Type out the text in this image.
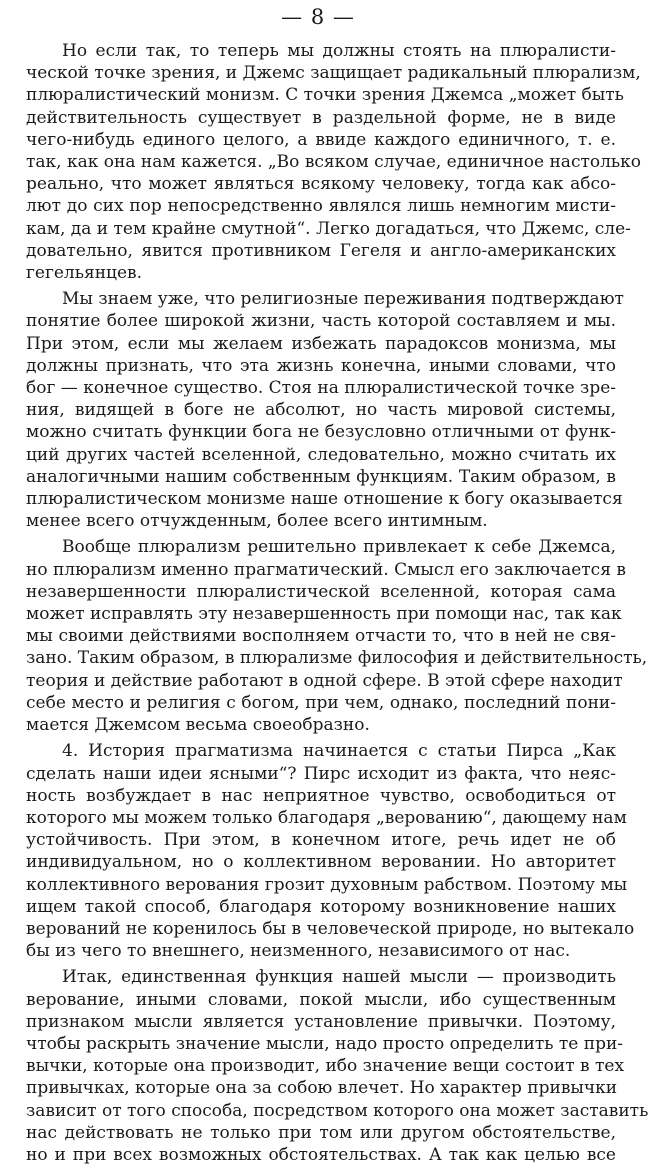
— 8 —
Но если так, то теперь мы должны стоять на плюралисти-
ческой точке зрения, и Джемс защищает радикальный плюрализм,
плюралистический монизм. С точки зрения Джемса „может быть
действительность существует в раздельной форме, не в виде
чего-нибудь единого целого, а ввиде каждого единичного, т. е.
так, как она нам кажется. „Во всяком случае, единичное настолько
реально, что может являться всякому человеку, тогда как абсо-
лют до сих пор непосредственно являлся лишь немногим мисти-
кам, да и тем крайне смутной“. Легко догадаться, что Джемс, сле-
довательно, явится противником Гегеля и англо-американских
гегельянцев.
Мы знаем уже, что религиозные переживания подтверждают
понятие более широкой жизни, часть которой составляем и мы.
При этом, если мы желаем избежать парадоксов монизма, мы
должны признать, что эта жизнь конечна, иными словами, что
бог — конечное существо. Стоя на плюралистической точке зре-
ния, видящей в боге не абсолют, но часть мировой системы,
можно считать функции бога не безусловно отличными от функ-
ций других частей вселенной, следовательно, можно считать их
аналогичными нашим собственным функциям. Таким образом, в
плюралистическом монизме наше отношение к богу оказывается
менее всего отчужденным, более всего интимным.
Вообще плюрализм решительно привлекает к себе Джемса,
но плюрализм именно прагматический. Смысл его заключается в
незавершенности плюралистической вселенной, которая сама
может исправлять эту незавершенность при помощи нас, так как
мы своими действиями восполняем отчасти то, что в ней не свя-
зано. Таким образом, в плюрализме философия и действительность,
теория и действие работают в одной сфере. В этой сфере находит
себе место и религия с богом, при чем, однако, последний пони-
мается Джемсом весьма своеобразно.
4. История прагматизма начинается с статьи Пирса „Как
сделать наши идеи ясными“? Пирс исходит из факта, что неяс-
ность возбуждает в нас неприятное чувство, освободиться от
которого мы можем только благодаря „верованию“, дающему нам
устойчивость. При этом, в конечном итоге, речь идет не об
индивидуальном, но о коллективном веровании. Но авторитет
коллективного верования грозит духовным рабством. Поэтому мы
ищем такой способ, благодаря которому возникновение наших
верований не коренилось бы в человеческой природе, но вытекало
бы из чего то внешнего, неизменного, независимого от нас.
Итак, единственная функция нашей мысли — производить
верование, иными словами, покой мысли, ибо существенным
признаком мысли является установление привычки. Поэтому,
чтобы раскрыть значение мысли, надо просто определить те при-
вычки, которые она производит, ибо значение вещи состоит в тех
привычках, которые она за собою влечет. Но характер привычки
зависит от того способа, посредством которого она может заставить
нас действовать не только при том или другом обстоятельстве,
но и при всех возможных обстоятельствах. А так как целью все
